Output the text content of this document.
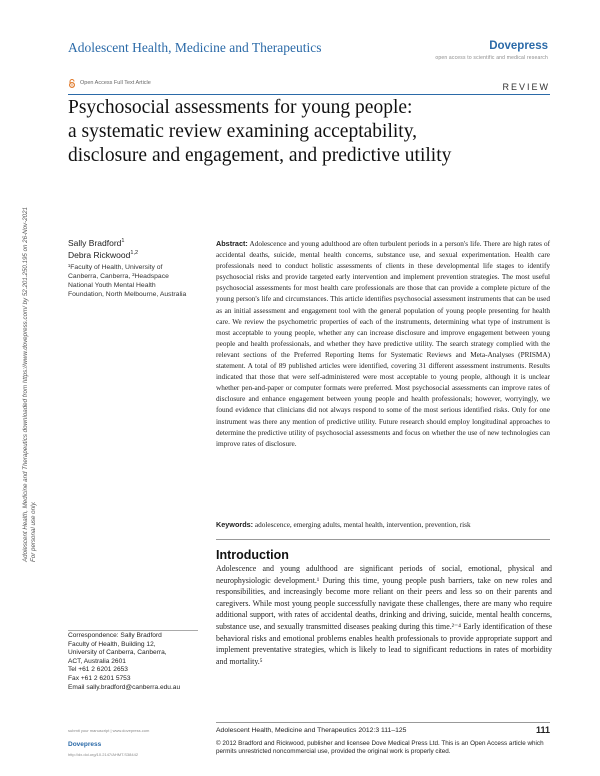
Adolescent Health, Medicine and Therapeutics	Dovepress
open access to scientific and medical research
Open Access Full Text Article	REVIEW
Psychosocial assessments for young people:
a systematic review examining acceptability,
disclosure and engagement, and predictive utility
Adolescent Health, Medicine and Therapeutics downloaded from https://www.dovepress.com/ by 52.201.250.195 on 26-Nov-2021 For personal use only.
Sally Bradford$^1$
Debra Rickwood$^{1,2}$
¹Faculty of Health, University of Canberra, Canberra, ²Headspace National Youth Mental Health Foundation, North Melbourne, Australia
Abstract: Adolescence and young adulthood are often turbulent periods in a person's life. There are high rates of accidental deaths, suicide, mental health concerns, substance use, and sexual experimentation. Health care professionals need to conduct holistic assessments of clients in these developmental life stages to identify psychosocial risks and provide targeted early intervention and implement prevention strategies. The most useful psychosocial assessments for most health care professionals are those that can provide a complete picture of the young person's life and circumstances. This article identifies psychosocial assessment instruments that can be used as an initial assessment and engagement tool with the general population of young people presenting for health care. We review the psychometric properties of each of the instruments, determining what type of instrument is most acceptable to young people, whether any can increase disclosure and improve engagement between young people and health professionals, and whether they have predictive utility. The search strategy complied with the relevant sections of the Preferred Reporting Items for Systematic Reviews and Meta-Analyses (PRISMA) statement. A total of 89 published articles were identified, covering 31 different assessment instruments. Results indicated that those that were self-administered were most acceptable to young people, although it is unclear whether pen-and-paper or computer formats were preferred. Most psychosocial assessments can improve rates of disclosure and enhance engagement between young people and health professionals; however, worryingly, we found evidence that clinicians did not always respond to some of the most serious identified risks. Only for one instrument was there any mention of predictive utility. Future research should employ longitudinal approaches to determine the predictive utility of psychosocial assessments and focus on whether the use of new technologies can improve rates of disclosure.
Keywords: adolescence, emerging adults, mental health, intervention, prevention, risk
Introduction
Adolescence and young adulthood are significant periods of social, emotional, physical and neurophysiologic development.¹ During this time, young people push barriers, take on new roles and responsibilities, and increasingly become more reliant on their peers and less so on their parents and caregivers. While most young people successfully navigate these challenges, there are many who require additional support, with rates of accidental deaths, drinking and driving, suicide, mental health concerns, substance use, and sexually transmitted diseases peaking during this time.²⁻⁴ Early identification of these behavioral risks and emotional problems enables health professionals to provide appropriate support and implement preventative strategies, which is likely to lead to significant reductions in rates of morbidity and mortality.⁵
Correspondence: Sally Bradford
Faculty of Health, Building 12,
University of Canberra, Canberra,
ACT, Australia 2601
Tel +61 2 6201 2653
Fax +61 2 6201 5753
Email sally.bradford@canberra.edu.au
submit your manuscript | www.dovepress.com
Dovepress
http://dx.doi.org/10.2147/AHMT.S38442
Adolescent Health, Medicine and Therapeutics 2012:3 111–125	111
© 2012 Bradford and Rickwood, publisher and licensee Dove Medical Press Ltd. This is an Open Access article which permits unrestricted noncommercial use, provided the original work is properly cited.
